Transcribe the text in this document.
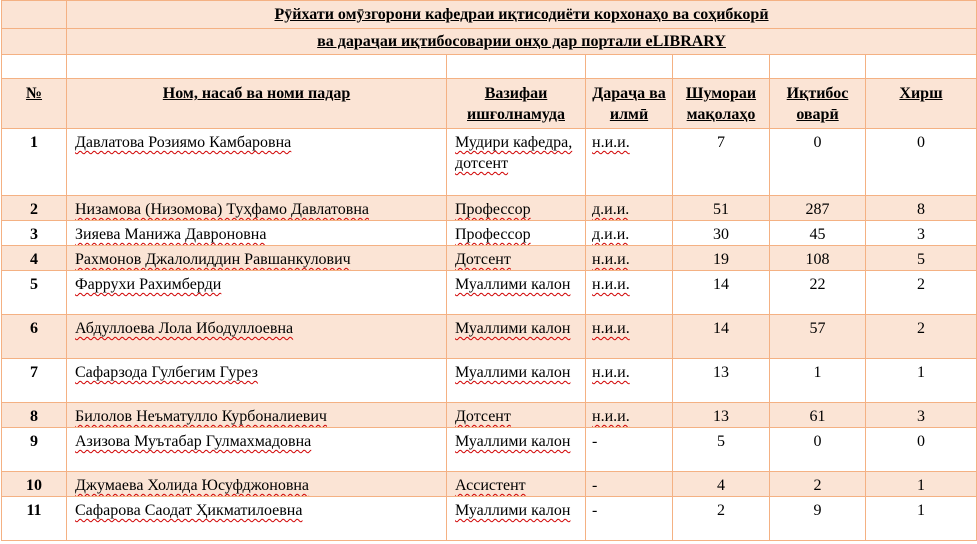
	Рӯйхати омӯзгорони кафедраи иқтисодиёти корхонаҳо ва соҳибкорӣ					
	ва дараҷаи иқтибосоварии онҳо дар портали eLIBRARY					

№	Ном, насаб ва номи падар	Вазифаи ишғолнамуда	Дараҷа ва илмӣ	Шумораи мақолаҳо	Иқтибос оварӣ	Хирш
1	Давлатова Розиямо Камбаровна	Мудири кафедра, дотсент	н.и.и.	7	0	0
2	Низамова (Низомова) Туҳфамо Давлатовна	Профессор	д.и.и.	51	287	8
3	Зияева Манижа Давроновна	Профессор	д.и.и.	30	45	3
4	Рахмонов Джалолиддин Равшанкулович	Дотсент	н.и.и.	19	108	5
5	Фаррухи Рахимберди	Муаллими калон	н.и.и.	14	22	2
6	Абдуллоева Лола Ибодуллоевна	Муаллими калон	н.и.и.	14	57	2
7	Сафарзода Гулбегим Гурез	Муаллими калон	н.и.и.	13	1	1
8	Билолов Неъматулло Курбоналиевич	Дотсент	н.и.и.	13	61	3
9	Азизова Муътабар Гулмахмадовна	Муаллими калон	-	5	0	0
10	Джумаева Холида Юсуфджоновна	Ассистент	-	4	2	1
11	Сафарова Саодат Ҳикматилоевна	Муаллими калон	-	2	9	1
